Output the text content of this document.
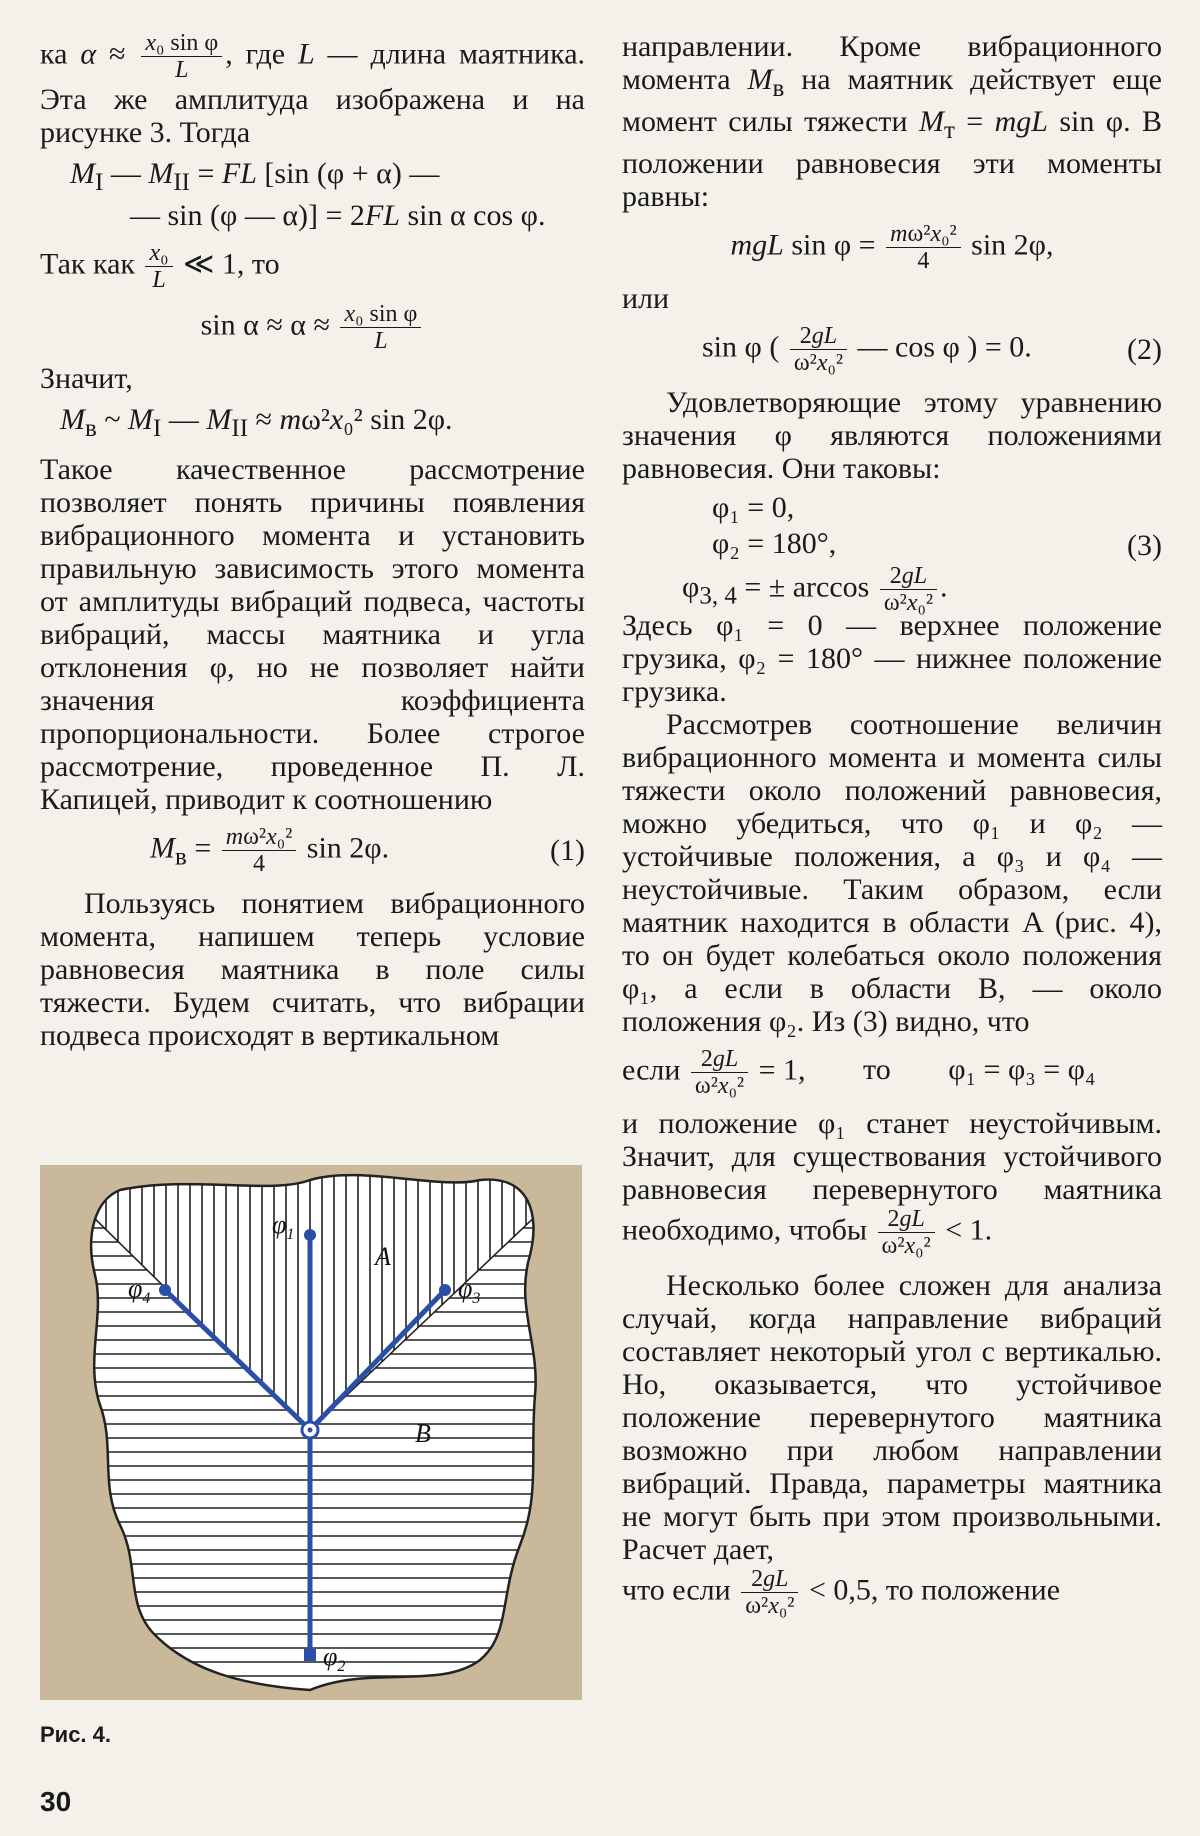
ка $\alpha \approx \frac{\text{x₀ sin φ}}{L}$ , где L — длина маятника. Эта же амплитуда изображена и на рисунке 3. Тогда

$M_I$ — $M_{II}$ = FL [sin (φ + α) —
— sin (φ — α)] = 2FL sin α cos φ.

Так как $\frac{\text{x₀}}{L}$ ≪ 1, то

$\sin \alpha \approx \alpha \approx \frac{\text{x₀ sin φ}}{L}$

Значит,

$M_в$ ~ $M_I$ — $M_{II} \approx m\omega^2x_0^2$ sin 2φ.

Такое качественное рассмотрение позволяет понять причины появления вибрационного момента и установить правильную зависимость этого момента от амплитуды вибраций подвеса, частоты вибраций, массы маятника и угла отклонения φ, но не позволяет найти значения коэффициента пропорциональности. Более строгое рассмотрение, проведенное П. Л. Капицей, приводит к соотношению

$M_в = \frac{\text{mω²x₀²}}{4}$ sin 2φ.	(1)

Пользуясь понятием вибрационного момента, напишем теперь условие равновесия маятника в поле силы тяжести. Будем считать, что вибрации подвеса происходят в вертикальном

направлении. Кроме вибрационного момента $M_в$ на маятник действует еще момент силы тяжести $M_т$ = mgL sin φ. В положении равновесия эти моменты равны:

mgL $\sin \varphi = \frac{\text{mω²x₀²}}{4}$ sin 2φ,

или

sin φ ( $\frac{2gL}{\text{ω²x₀²}}$ — cos φ ) = 0.	(2)

Удовлетворяющие этому уравнению значения φ являются положениями равновесия. Они таковы:

φ₁ = 0,
φ₂ = 180°,
$\varphi_{3, 4}$ = ± $\arccos \frac{2gL}{\text{ω²x₀²}}$ .
(3)

Здесь φ₁ = 0 — верхнее положение грузика, φ₂ = 180° — нижнее положение грузика.

Рассмотрев соотношение величин вибрационного момента и момента силы тяжести около положений равновесия, можно убедиться, что φ₁ и φ₂ — устойчивые положения, а φ₃ и φ₄ — неустойчивые. Таким образом, если маятник находится в области A (рис. 4), то он будет колебаться около положения φ₁, а если в области B, — около положения φ₂. Из (3) видно, что

если $\frac{2gL}{\text{ω²x₀²}} = 1$, то φ₁ = φ₃ = φ₄

и положение φ₁ станет неустойчивым. Значит, для существования устойчивого равновесия перевернутого маятника необходимо, чтобы $\frac{2gL}{\text{ω²x₀²}} < 1$.

Несколько более сложен для анализа случай, когда направление вибраций составляет некоторый угол с вертикалью. Но, оказывается, что устойчивое положение перевернутого маятника возможно при любом направлении вибраций. Правда, параметры маятника не могут быть при этом произвольными. Расчет дает,

что если $\frac{2gL}{\text{ω²x₀²}} < 0,5$, то положение

A
B
$\varphi_1$
$\varphi_2$
$\varphi_3$
$\varphi_4$
Рис. 4.
30
